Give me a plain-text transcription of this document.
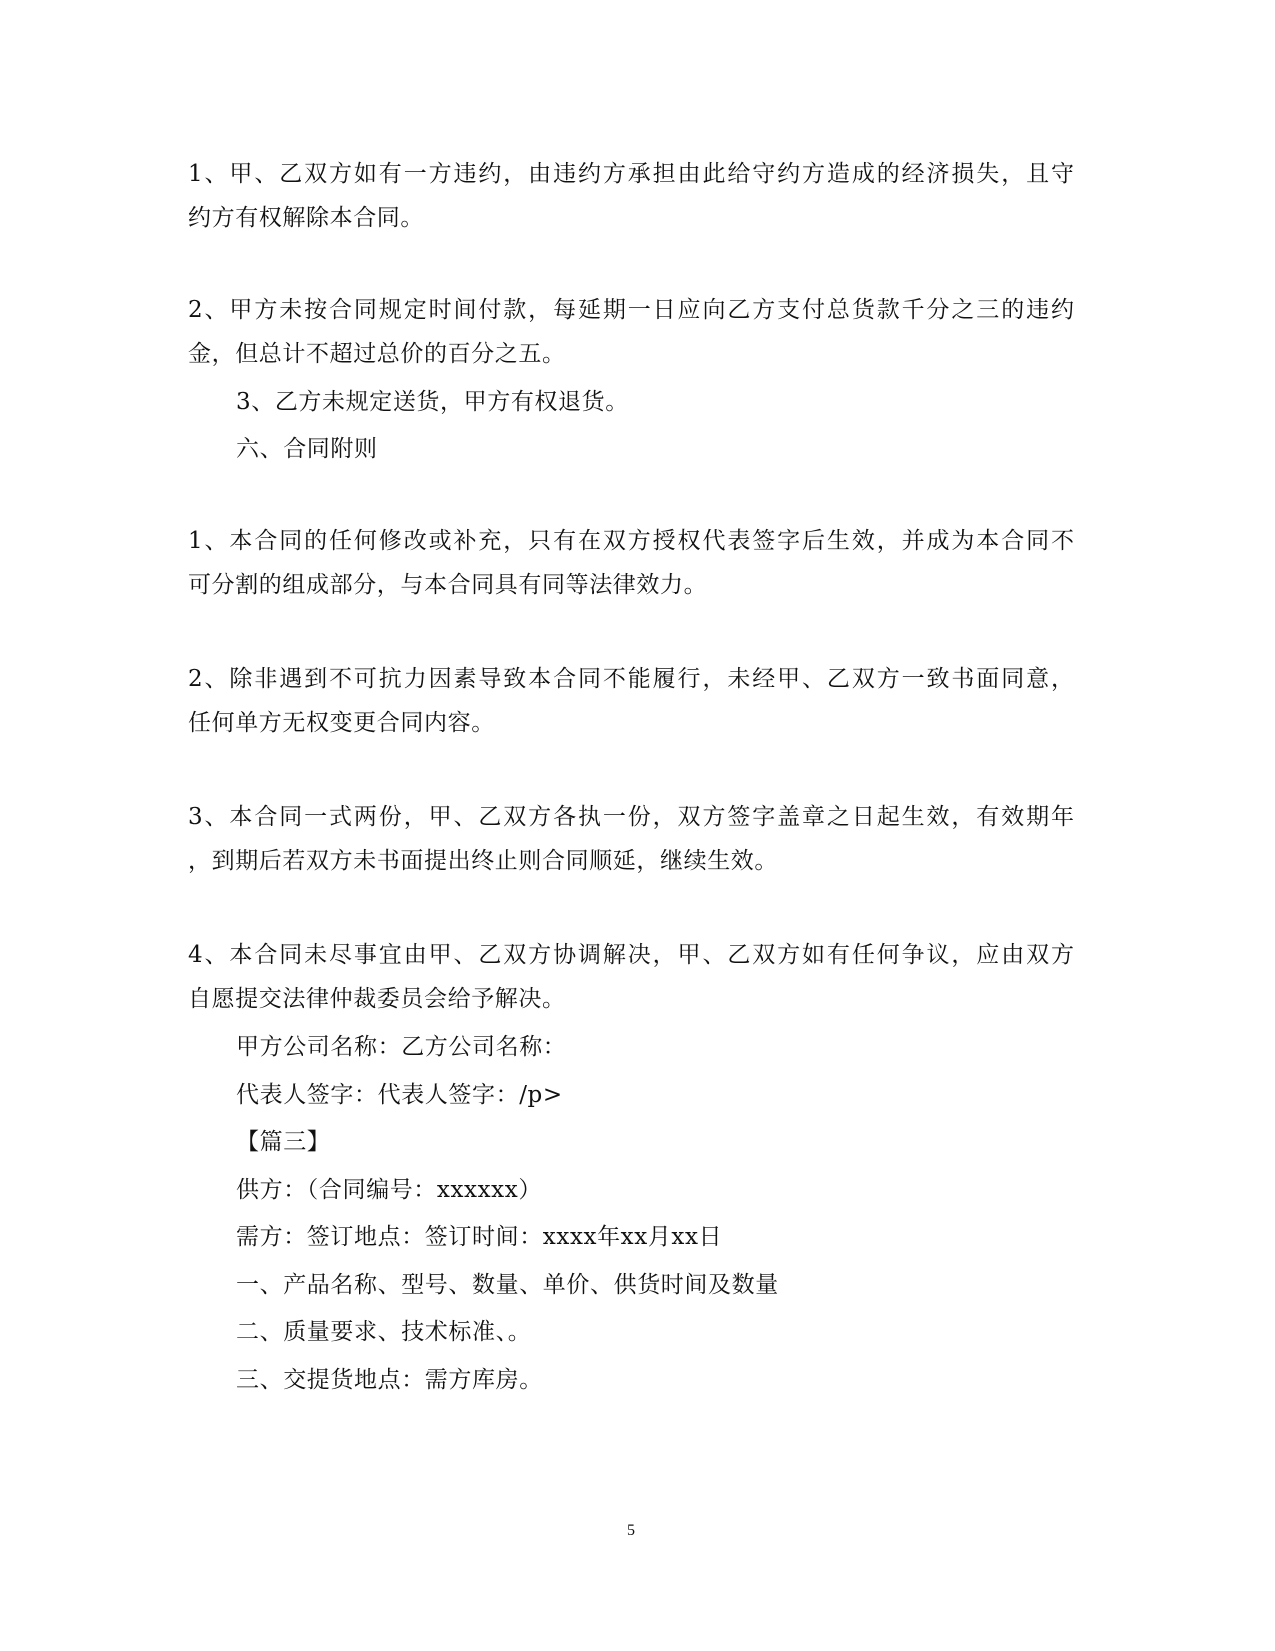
1、甲、乙双方如有一方违约，由违约方承担由此给守约方造成的经济损失，且守
约方有权解除本合同。
2、甲方未按合同规定时间付款，每延期一日应向乙方支付总货款千分之三的违约
金，但总计不超过总价的百分之五。
3、乙方未规定送货，甲方有权退货。
六、合同附则
1、本合同的任何修改或补充，只有在双方授权代表签字后生效，并成为本合同不
可分割的组成部分，与本合同具有同等法律效力。
2、除非遇到不可抗力因素导致本合同不能履行，未经甲、乙双方一致书面同意，
任何单方无权变更合同内容。
3、本合同一式两份，甲、乙双方各执一份，双方签字盖章之日起生效，有效期年
，到期后若双方未书面提出终止则合同顺延，继续生效。
4、本合同未尽事宜由甲、乙双方协调解决，甲、乙双方如有任何争议，应由双方
自愿提交法律仲裁委员会给予解决。
甲方公司名称：乙方公司名称：
代表人签字：代表人签字：/p>
【篇三】
供方：（合同编号：xxxxxx）
需方：签订地点：签订时间：xxxx年xx月xx日
一、产品名称、型号、数量、单价、供货时间及数量
二、质量要求、技术标准、。
三、交提货地点：需方库房。
5
